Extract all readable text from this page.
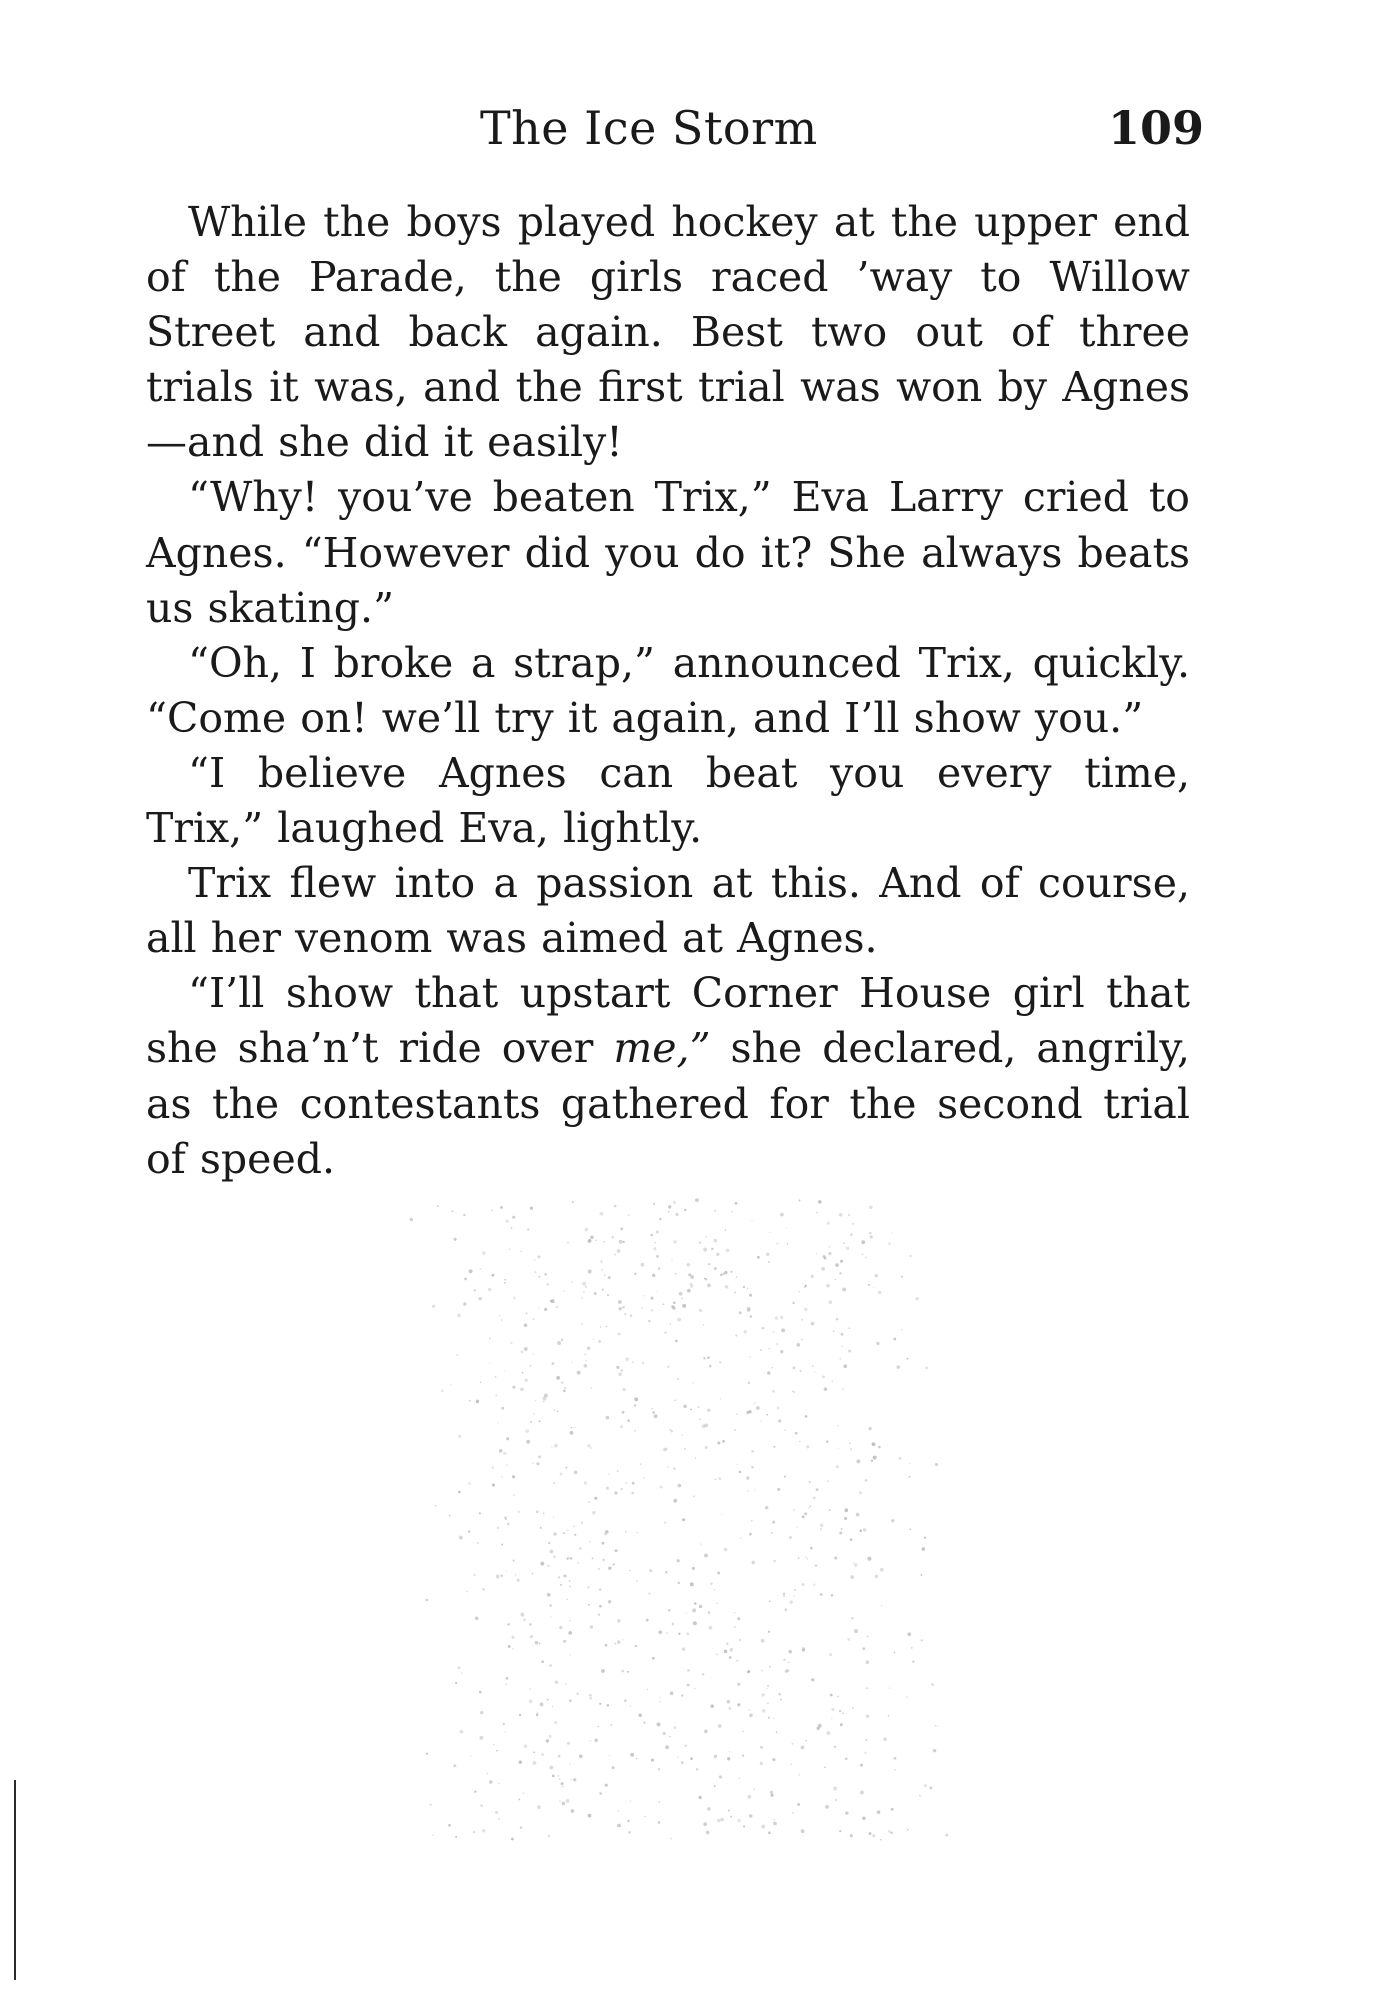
The Ice Storm	109

While the boys played hockey at the upper end of the Parade, the girls raced ’way to Willow Street and back again. Best two out of three trials it was, and the first trial was won by Agnes —and she did it easily!

“Why! you’ve beaten Trix,” Eva Larry cried to Agnes. “However did you do it? She always beats us skating.”

“Oh, I broke a strap,” announced Trix, quickly. “Come on! we’ll try it again, and I’ll show you.”

“I believe Agnes can beat you every time, Trix,” laughed Eva, lightly.

Trix flew into a passion at this. And of course, all her venom was aimed at Agnes.

“I’ll show that upstart Corner House girl that she sha’n’t ride over me,” she declared, angrily, as the contestants gathered for the second trial of speed.
